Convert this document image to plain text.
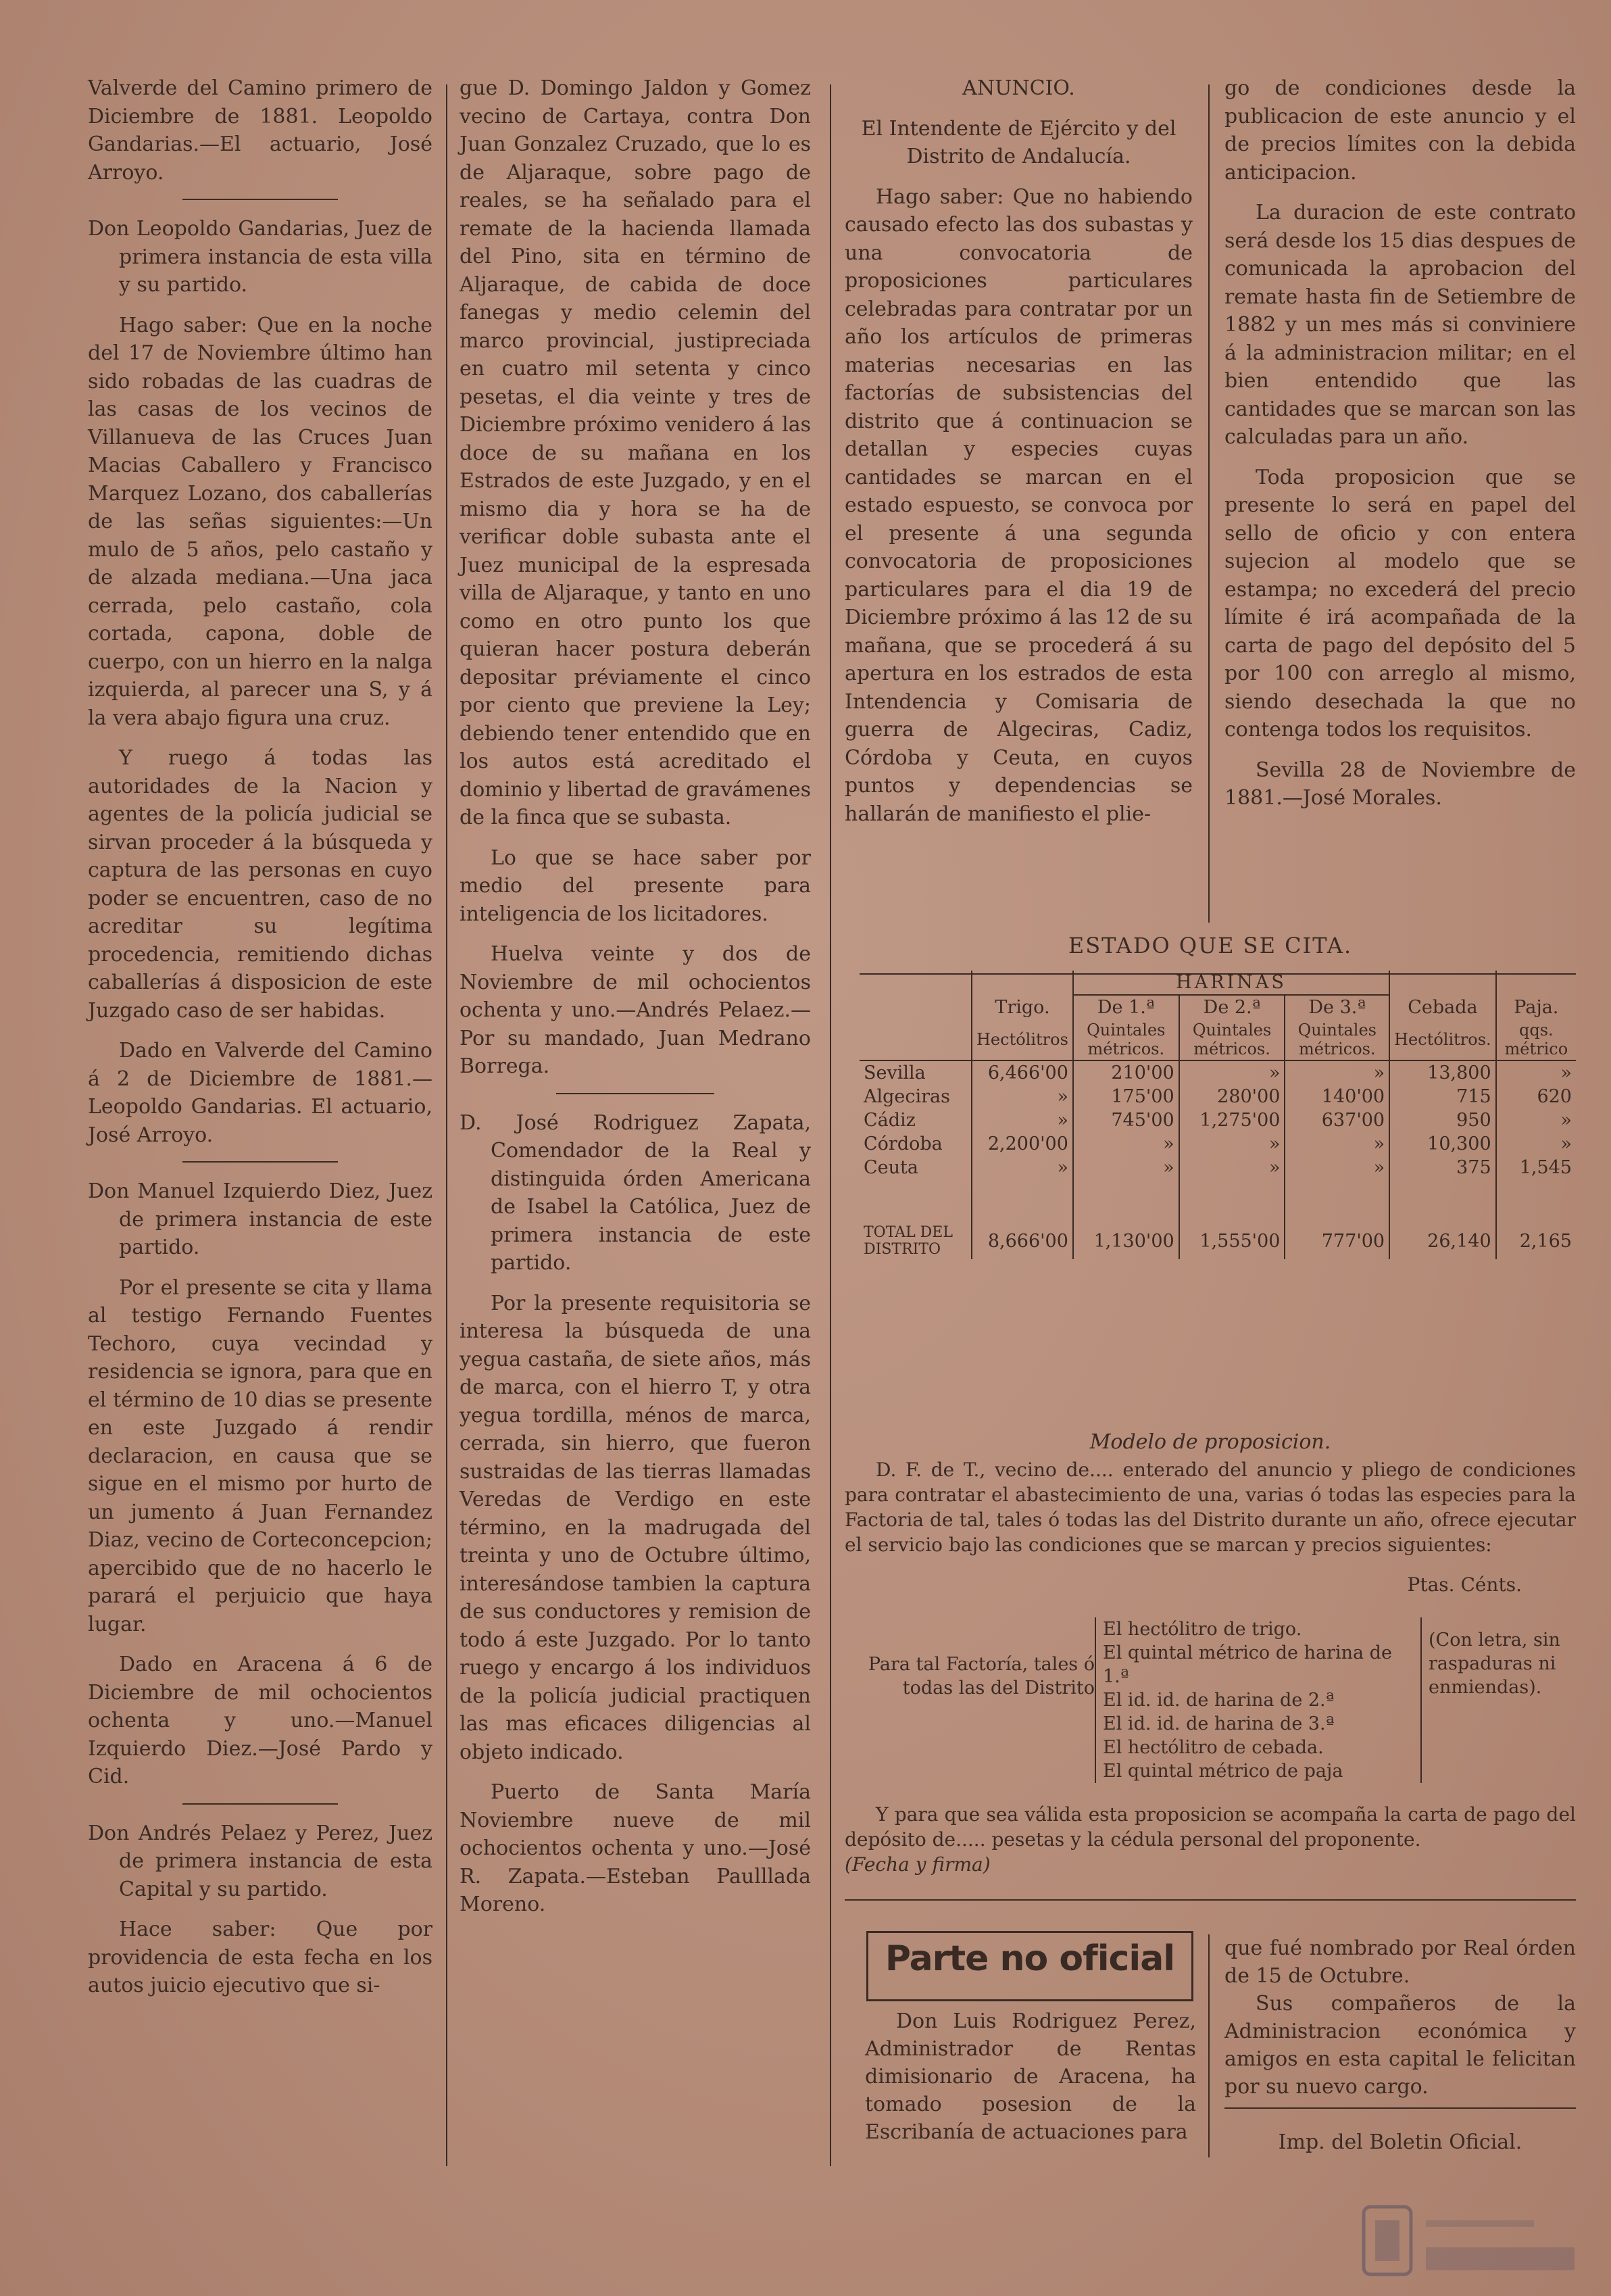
Valverde del Camino primero de Diciembre de 1881. Leopoldo Gandarias.—El actuario, José Arroyo.

Don Leopoldo Gandarias, Juez de primera instancia de esta villa y su partido.

Hago saber: Que en la noche del 17 de Noviembre último han sido robadas de las cuadras de las casas de los vecinos de Villanueva de las Cruces Juan Macias Caballero y Francisco Marquez Lozano, dos caballerías de las señas siguientes:—Un mulo de 5 años, pelo castaño y de alzada mediana.—Una jaca cerrada, pelo castaño, cola cortada, capona, doble de cuerpo, con un hierro en la nalga izquierda, al parecer una S, y á la vera abajo figura una cruz.

Y ruego á todas las autoridades de la Nacion y agentes de la policía judicial se sirvan proceder á la búsqueda y captura de las personas en cuyo poder se encuentren, caso de no acreditar su legítima procedencia, remitiendo dichas caballerías á disposicion de este Juzgado caso de ser habidas.

Dado en Valverde del Camino á 2 de Diciembre de 1881.—Leopoldo Gandarias. El actuario, José Arroyo.

Don Manuel Izquierdo Diez, Juez de primera instancia de este partido.

Por el presente se cita y llama al testigo Fernando Fuentes Techoro, cuya vecindad y residencia se ignora, para que en el término de 10 dias se presente en este Juzgado á rendir declaracion, en causa que se sigue en el mismo por hurto de un jumento á Juan Fernandez Diaz, vecino de Corteconcepcion; apercibido que de no hacerlo le parará el perjuicio que haya lugar.

Dado en Aracena á 6 de Diciembre de mil ochocientos ochenta y uno.—Manuel Izquierdo Diez.—José Pardo y Cid.

Don Andrés Pelaez y Perez, Juez de primera instancia de esta Capital y su partido.

Hace saber: Que por providencia de esta fecha en los autos juicio ejecutivo que si-

gue D. Domingo Jaldon y Gomez vecino de Cartaya, contra Don Juan Gonzalez Cruzado, que lo es de Aljaraque, sobre pago de reales, se ha señalado para el remate de la hacienda llamada del Pino, sita en término de Aljaraque, de cabida de doce fanegas y medio celemin del marco provincial, justipreciada en cuatro mil setenta y cinco pesetas, el dia veinte y tres de Diciembre próximo venidero á las doce de su mañana en los Estrados de este Juzgado, y en el mismo dia y hora se ha de verificar doble subasta ante el Juez municipal de la espresada villa de Aljaraque, y tanto en uno como en otro punto los que quieran hacer postura deberán depositar préviamente el cinco por ciento que previene la Ley; debiendo tener entendido que en los autos está acreditado el dominio y libertad de gravámenes de la finca que se subasta.

Lo que se hace saber por medio del presente para inteligencia de los licitadores.

Huelva veinte y dos de Noviembre de mil ochocientos ochenta y uno.—Andrés Pelaez.—Por su mandado, Juan Medrano Borrega.

D. José Rodriguez Zapata, Comendador de la Real y distinguida órden Americana de Isabel la Católica, Juez de primera instancia de este partido.

Por la presente requisitoria se interesa la búsqueda de una yegua castaña, de siete años, más de marca, con el hierro T, y otra yegua tordilla, ménos de marca, cerrada, sin hierro, que fueron sustraidas de las tierras llamadas Veredas de Verdigo en este término, en la madrugada del treinta y uno de Octubre último, interesándose tambien la captura de sus conductores y remision de todo á este Juzgado. Por lo tanto ruego y encargo á los individuos de la policía judicial practiquen las mas eficaces diligencias al objeto indicado.

Puerto de Santa María Noviembre nueve de mil ochocientos ochenta y uno.—José R. Zapata.—Esteban Paulllada Moreno.

ANUNCIO.

El Intendente de Ejército y del Distrito de Andalucía.

Hago saber: Que no habiendo causado efecto las dos subastas y una convocatoria de proposiciones particulares celebradas para contratar por un año los artículos de primeras materias necesarias en las factorías de subsistencias del distrito que á continuacion se detallan y especies cuyas cantidades se marcan en el estado espuesto, se convoca por el presente á una segunda convocatoria de proposiciones particulares para el dia 19 de Diciembre próximo á las 12 de su mañana, que se procederá á su apertura en los estrados de esta Intendencia y Comisaria de guerra de Algeciras, Cadiz, Córdoba y Ceuta, en cuyos puntos y dependencias se hallarán de manifiesto el plie-

go de condiciones desde la publicacion de este anuncio y el de precios límites con la debida anticipacion.

La duracion de este contrato será desde los 15 dias despues de comunicada la aprobacion del remate hasta fin de Setiembre de 1882 y un mes más si conviniere á la administracion militar; en el bien entendido que las cantidades que se marcan son las calculadas para un año.

Toda proposicion que se presente lo será en papel del sello de oficio y con entera sujecion al modelo que se estampa; no excederá del precio límite é irá acompañada de la carta de pago del depósito del 5 por 100 con arreglo al mismo, siendo desechada la que no contenga todos los requisitos.

Sevilla 28 de Noviembre de 1881.—José Morales.

ESTADO QUE SE CITA.
		HARINAS				
	Trigo.	De 1.ª	De 2.ª	De 3.ª	Cebada	Paja.
	Hectólitros	Quintales métricos.	Quintales métricos.	Quintales métricos.	Hectólitros.	qqs. métrico
Sevilla	6,466'00	210'00	»	»	13,800	»
Algeciras	»	175'00	280'00	140'00	715	620
Cádiz	»	745'00	1,275'00	637'00	950	»
Córdoba	2,200'00	»	»	»	10,300	»
Ceuta	»	»	»	»	375	1,545

TOTAL DEL DISTRITO	8,666'00	1,130'00	1,555'00	777'00	26,140	2,165
Modelo de proposicion.

D. F. de T., vecino de.... enterado del anuncio y pliego de condiciones para contratar el abastecimiento de una, varias ó todas las especies para la Factoria de tal, tales ó todas las del Distrito durante un año, ofrece ejecutar el servicio bajo las condiciones que se marcan y precios siguientes:

Ptas. Cénts.
Para tal Factoría, tales ó todas las del Distrito
El hectólitro de trigo.
El quintal métrico de harina de 1.ª
El id. id. de harina de 2.ª
El id. id. de harina de 3.ª
El hectólitro de cebada.
El quintal métrico de paja
(Con letra, sin raspaduras ni enmiendas).

Y para que sea válida esta proposicion se acompaña la carta de pago del depósito de..... pesetas y la cédula personal del proponente.

(Fecha y firma)

Parte no oficial

Don Luis Rodriguez Perez, Administrador de Rentas dimisionario de Aracena, ha tomado posesion de la Escribanía de actuaciones para

que fué nombrado por Real órden de 15 de Octubre.

Sus compañeros de la Administracion económica y amigos en esta capital le felicitan por su nuevo cargo.

Imp. del Boletin Oficial.
